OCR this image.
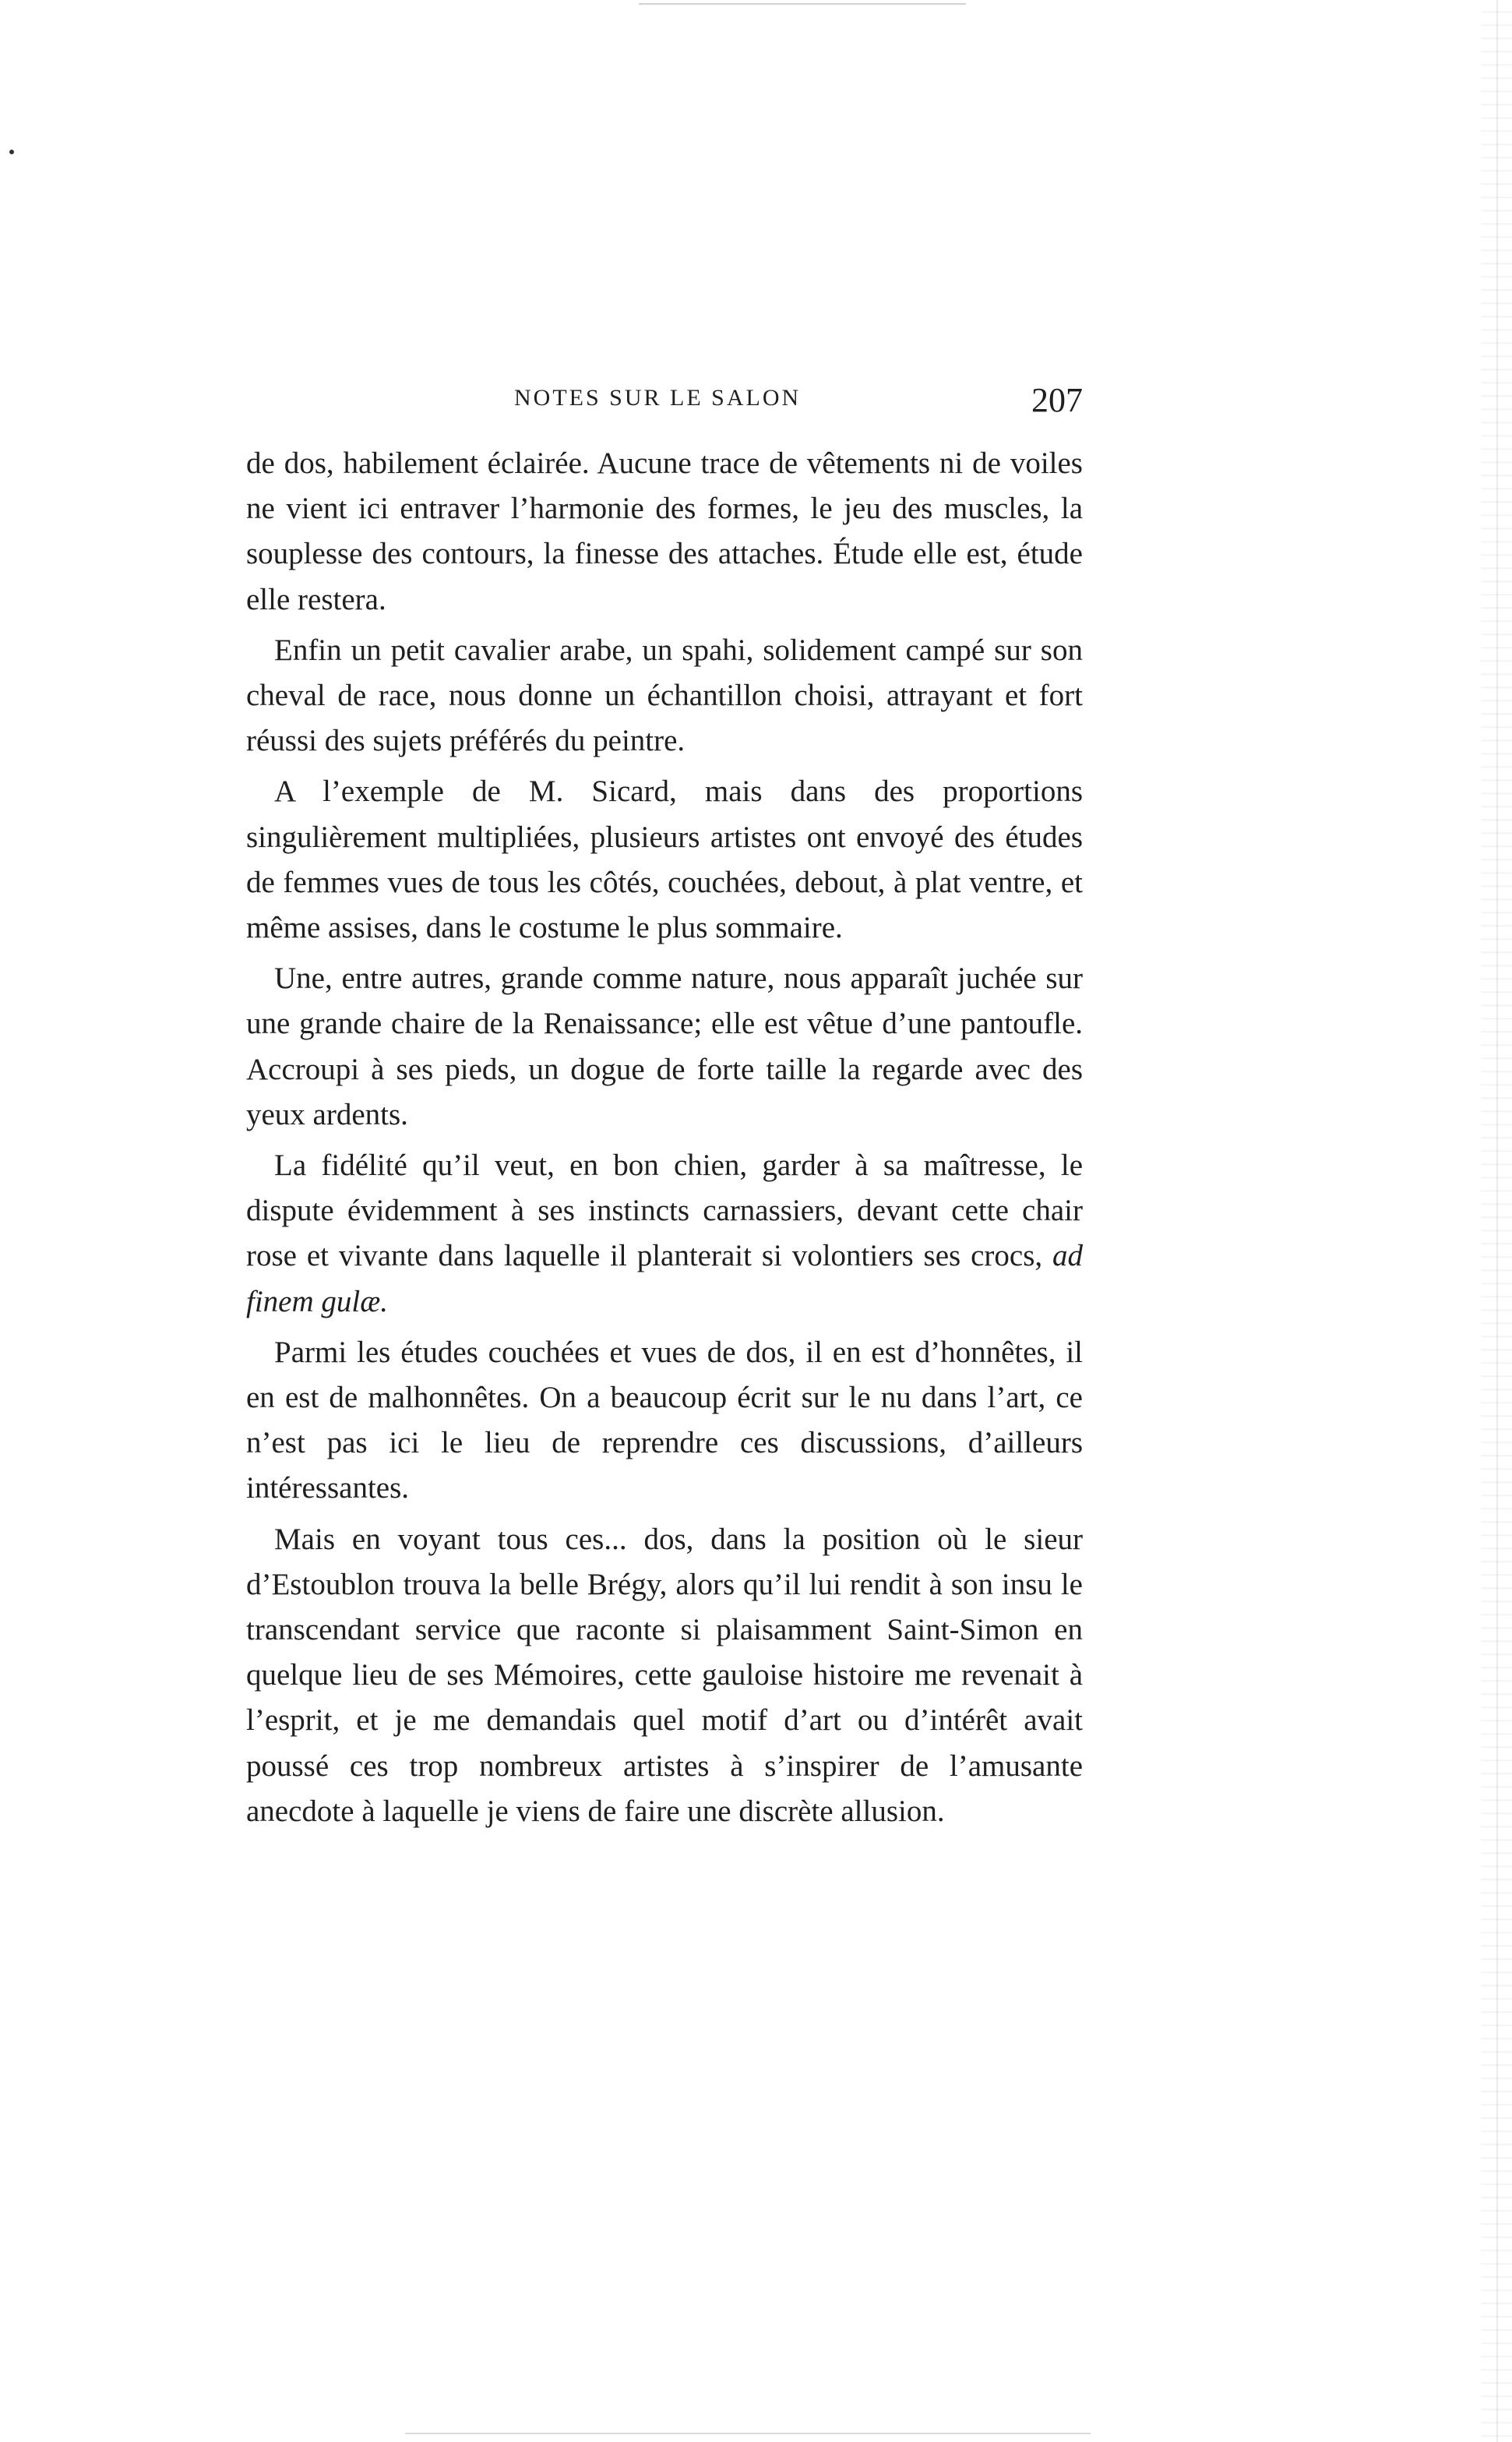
NOTES SUR LE SALON	207

de dos, habilement éclairée. Aucune trace de vêtements ni de voiles ne vient ici entraver l’harmonie des formes, le jeu des muscles, la souplesse des contours, la finesse des attaches. Étude elle est, étude elle restera.

Enfin un petit cavalier arabe, un spahi, solidement campé sur son cheval de race, nous donne un échantillon choisi, attrayant et fort réussi des sujets préférés du peintre.

A l’exemple de M. Sicard, mais dans des proportions singulièrement multipliées, plusieurs artistes ont envoyé des études de femmes vues de tous les côtés, couchées, debout, à plat ventre, et même assises, dans le costume le plus sommaire.

Une, entre autres, grande comme nature, nous apparaît juchée sur une grande chaire de la Renaissance; elle est vêtue d’une pantoufle. Accroupi à ses pieds, un dogue de forte taille la regarde avec des yeux ardents.

La fidélité qu’il veut, en bon chien, garder à sa maîtresse, le dispute évidemment à ses instincts carnassiers, devant cette chair rose et vivante dans laquelle il planterait si volontiers ses crocs, ad finem gulæ.

Parmi les études couchées et vues de dos, il en est d’honnêtes, il en est de malhonnêtes. On a beaucoup écrit sur le nu dans l’art, ce n’est pas ici le lieu de reprendre ces discussions, d’ailleurs intéressantes.

Mais en voyant tous ces... dos, dans la position où le sieur d’Estoublon trouva la belle Brégy, alors qu’il lui rendit à son insu le transcendant service que raconte si plaisamment Saint-Simon en quelque lieu de ses Mémoires, cette gauloise histoire me revenait à l’esprit, et je me demandais quel motif d’art ou d’intérêt avait poussé ces trop nombreux artistes à s’inspirer de l’amusante anecdote à laquelle je viens de faire une discrète allusion.
